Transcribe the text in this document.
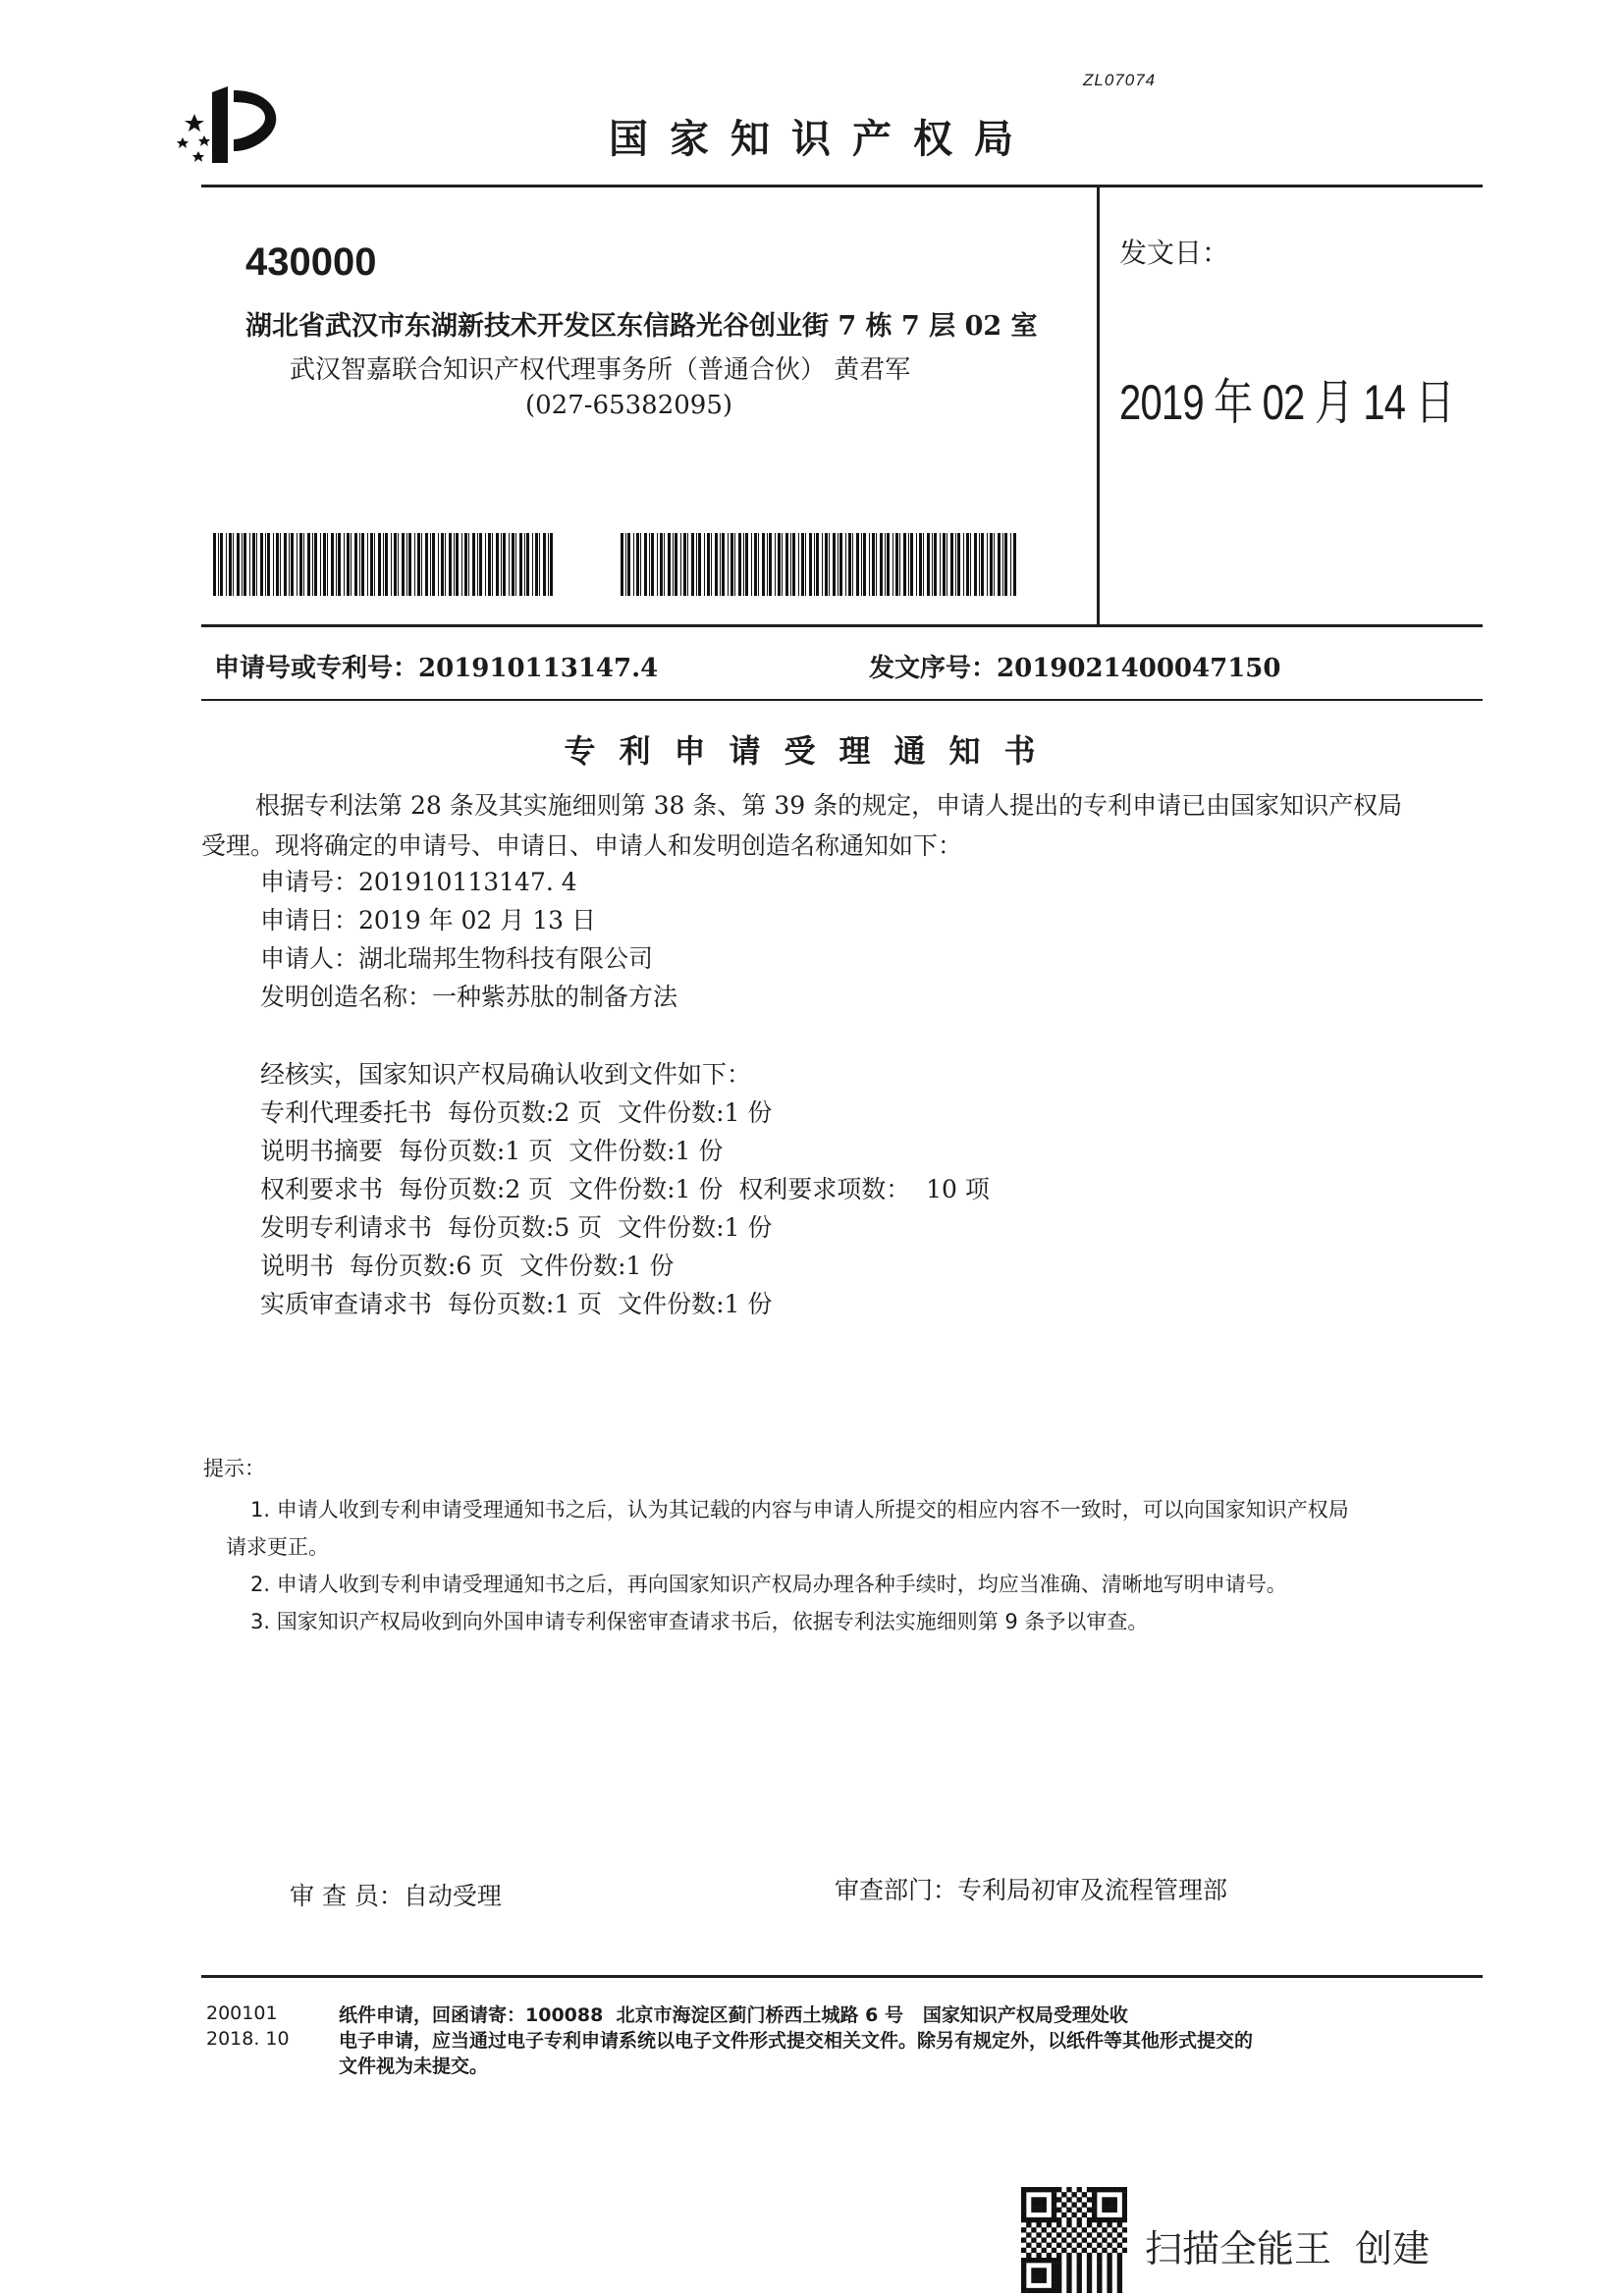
ZL07074
国家知识产权局
430000
湖北省武汉市东湖新技术开发区东信路光谷创业街 7 栋 7 层 02 室
武汉智嘉联合知识产权代理事务所（普通合伙） 黄君军
(027-65382095)
发文日：
2019 年 02 月 14 日
申请号或专利号：201910113147.4	发文序号：2019021400047150
专利申请受理通知书
根据专利法第 28 条及其实施细则第 38 条、第 39 条的规定，申请人提出的专利申请已由国家知识产权局
受理。现将确定的申请号、申请日、申请人和发明创造名称通知如下：
申请号：201910113147. 4
申请日：2019 年 02 月 13 日
申请人：湖北瑞邦生物科技有限公司
发明创造名称：一种紫苏肽的制备方法
经核实，国家知识产权局确认收到文件如下：
专利代理委托书  每份页数:2 页  文件份数:1 份
说明书摘要  每份页数:1 页  文件份数:1 份
权利要求书  每份页数:2 页  文件份数:1 份  权利要求项数：  10 项
发明专利请求书  每份页数:5 页  文件份数:1 份
说明书  每份页数:6 页  文件份数:1 份
实质审查请求书  每份页数:1 页  文件份数:1 份
提示：
1. 申请人收到专利申请受理通知书之后，认为其记载的内容与申请人所提交的相应内容不一致时，可以向国家知识产权局
请求更正。
2. 申请人收到专利申请受理通知书之后，再向国家知识产权局办理各种手续时，均应当准确、清晰地写明申请号。
3. 国家知识产权局收到向外国申请专利保密审查请求书后，依据专利法实施细则第 9 条予以审查。
审 查 员：自动受理	审查部门：专利局初审及流程管理部
200101
2018. 10
纸件申请，回函请寄：100088  北京市海淀区蓟门桥西土城路 6 号   国家知识产权局受理处收
电子申请，应当通过电子专利申请系统以电子文件形式提交相关文件。除另有规定外，以纸件等其他形式提交的
文件视为未提交。
扫描全能王  创建
